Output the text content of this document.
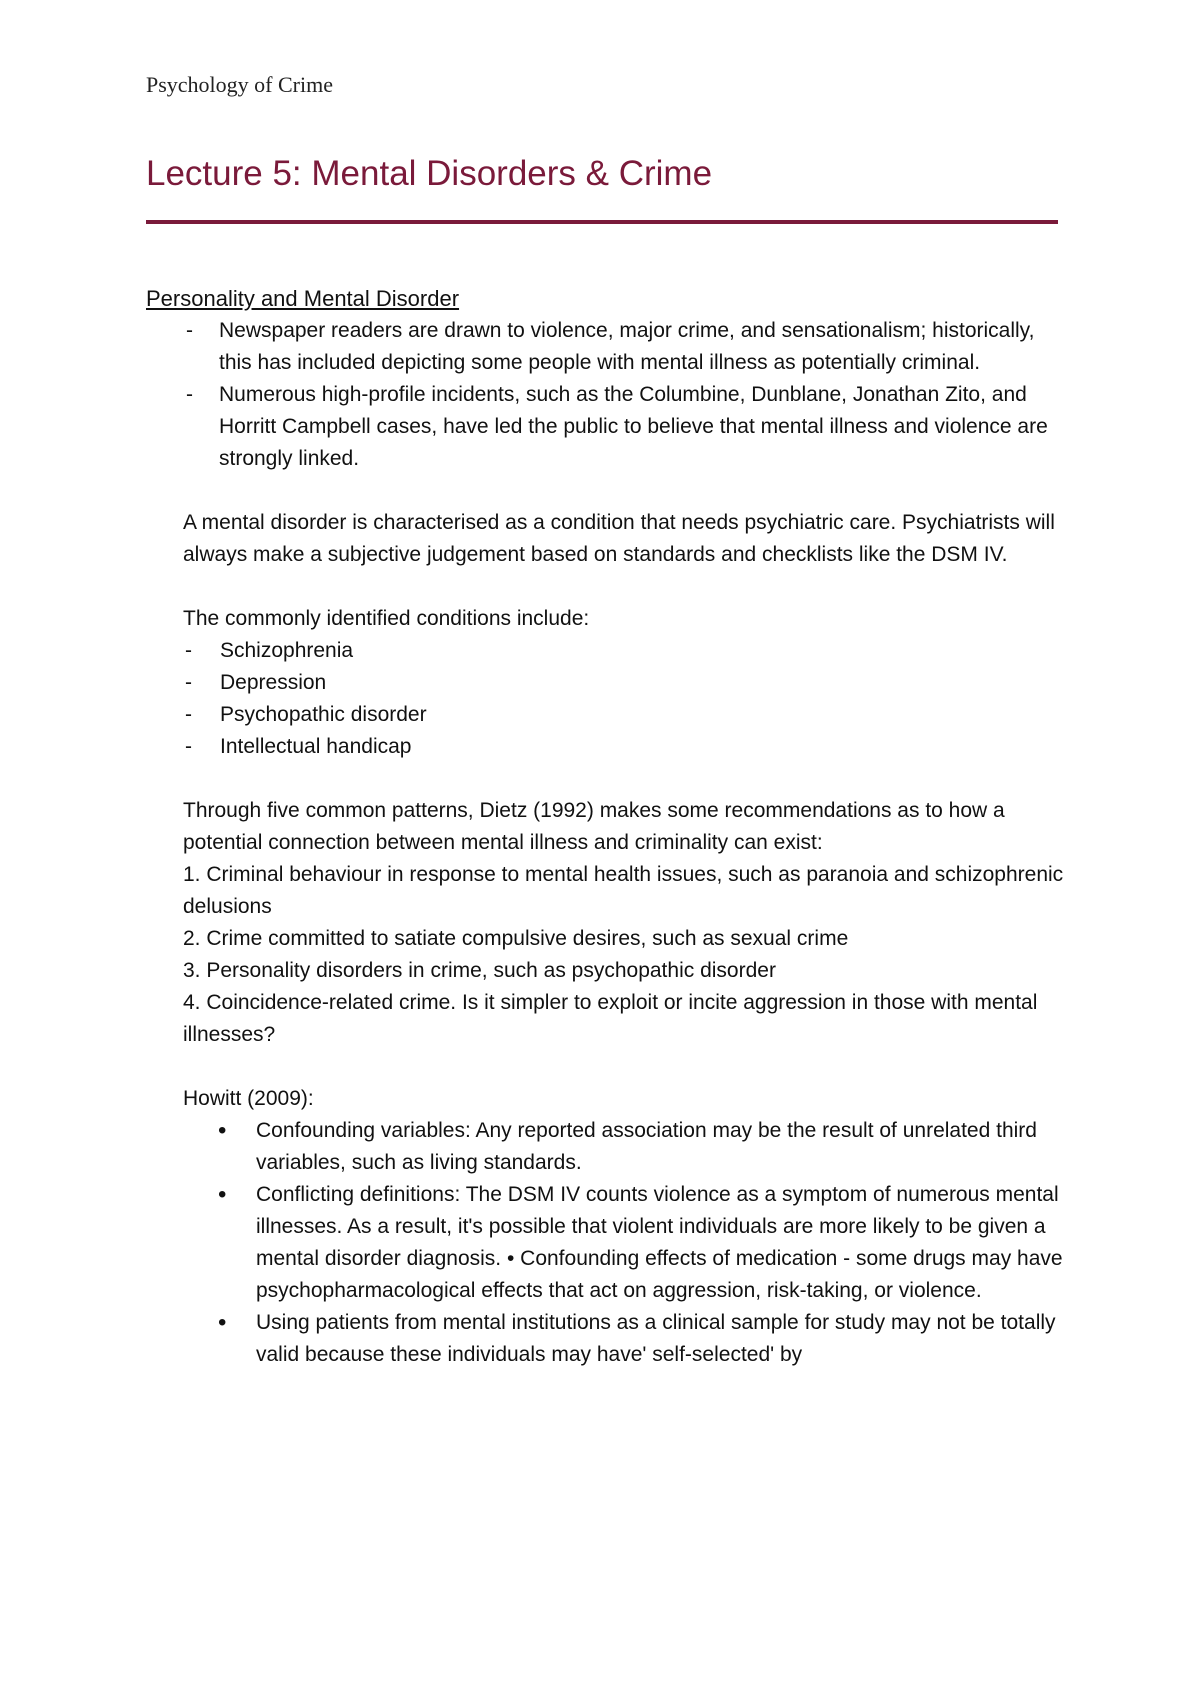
Psychology of Crime
Lecture 5: Mental Disorders & Crime
Personality and Mental Disorder
- Newspaper readers are drawn to violence, major crime, and sensationalism; historically, this has included depicting some people with mental illness as potentially criminal.
- Numerous high-profile incidents, such as the Columbine, Dunblane, Jonathan Zito, and Horritt Campbell cases, have led the public to believe that mental illness and violence are strongly linked.

A mental disorder is characterised as a condition that needs psychiatric care. Psychiatrists will always make a subjective judgement based on standards and checklists like the DSM IV.

The commonly identified conditions include:

- Schizophrenia
- Depression
- Psychopathic disorder
- Intellectual handicap

Through five common patterns, Dietz (1992) makes some recommendations as to how a potential connection between mental illness and criminality can exist:

1. Criminal behaviour in response to mental health issues, such as paranoia and schizophrenic delusions

2. Crime committed to satiate compulsive desires, such as sexual crime

3. Personality disorders in crime, such as psychopathic disorder

4. Coincidence-related crime. Is it simpler to exploit or incite aggression in those with mental illnesses?

Howitt (2009):

• Confounding variables: Any reported association may be the result of unrelated third variables, such as living standards.
• Conflicting definitions: The DSM IV counts violence as a symptom of numerous mental illnesses. As a result, it's possible that violent individuals are more likely to be given a mental disorder diagnosis. • Confounding effects of medication - some drugs may have psychopharmacological effects that act on aggression, risk-taking, or violence.
• Using patients from mental institutions as a clinical sample for study may not be totally valid because these individuals may have' self-selected' by
